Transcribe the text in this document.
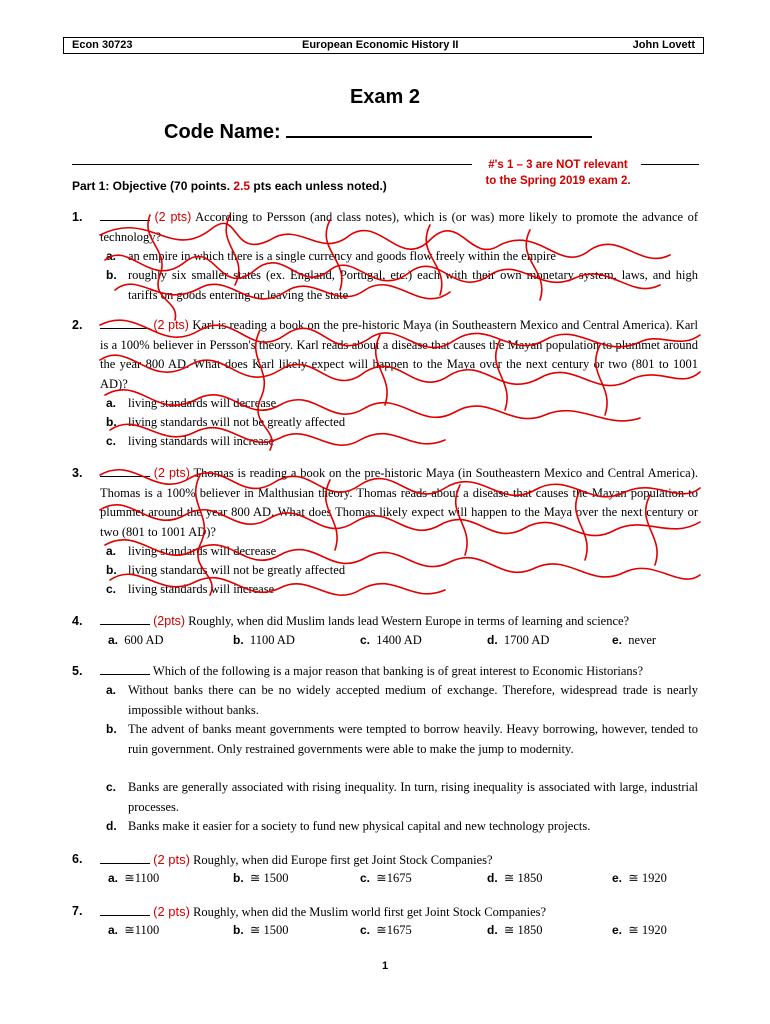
Econ 30723	European Economic History II	John Lovett
Exam 2
Code Name:
#'s 1 – 3 are NOT relevant
to the Spring 2019 exam 2.
Part 1: Objective (70 points. 2.5 pts each unless noted.)
1.	(2 pts) According to Persson (and class notes), which is (or was) more likely to promote the advance of technology?
a. an empire in which there is a single currency and goods flow freely within the empire
b. roughly six smaller states (ex. England, Portugal, etc.) each with their own monetary system, laws, and high tariffs on goods entering or leaving the state
2.	(2 pts) Karl is reading a book on the pre-historic Maya (in Southeastern Mexico and Central America). Karl is a 100% believer in Persson's theory. Karl reads about a disease that causes the Mayan population to plummet around the year 800 AD. What does Karl likely expect will happen to the Maya over the next century or two (801 to 1001 AD)?
a. living standards will decrease
b. living standards will not be greatly affected
c. living standards will increase
3.	(2 pts) Thomas is reading a book on the pre-historic Maya (in Southeastern Mexico and Central America). Thomas is a 100% believer in Malthusian theory. Thomas reads about a disease that causes the Mayan population to plummet around the year 800 AD. What does Thomas likely expect will happen to the Maya over the next century or two (801 to 1001 AD)?
a. living standards will decrease
b. living standards will not be greatly affected
c. living standards will increase
4.	(2pts) Roughly, when did Muslim lands lead Western Europe in terms of learning and science?
a. 600 AD	b. 1100 AD	c. 1400 AD	d. 1700 AD	e. never
5.	Which of the following is a major reason that banking is of great interest to Economic Historians?
a. Without banks there can be no widely accepted medium of exchange. Therefore, widespread trade is nearly impossible without banks.
b. The advent of banks meant governments were tempted to borrow heavily. Heavy borrowing, however, tended to ruin government. Only restrained governments were able to make the jump to modernity.
c. Banks are generally associated with rising inequality. In turn, rising inequality is associated with large, industrial processes.
d. Banks make it easier for a society to fund new physical capital and new technology projects.
6.	(2 pts) Roughly, when did Europe first get Joint Stock Companies?
a. ≅1100	b. ≅ 1500	c. ≅1675	d. ≅ 1850	e. ≅ 1920
7.	(2 pts) Roughly, when did the Muslim world first get Joint Stock Companies?
a. ≅1100	b. ≅ 1500	c. ≅1675	d. ≅ 1850	e. ≅ 1920
1
